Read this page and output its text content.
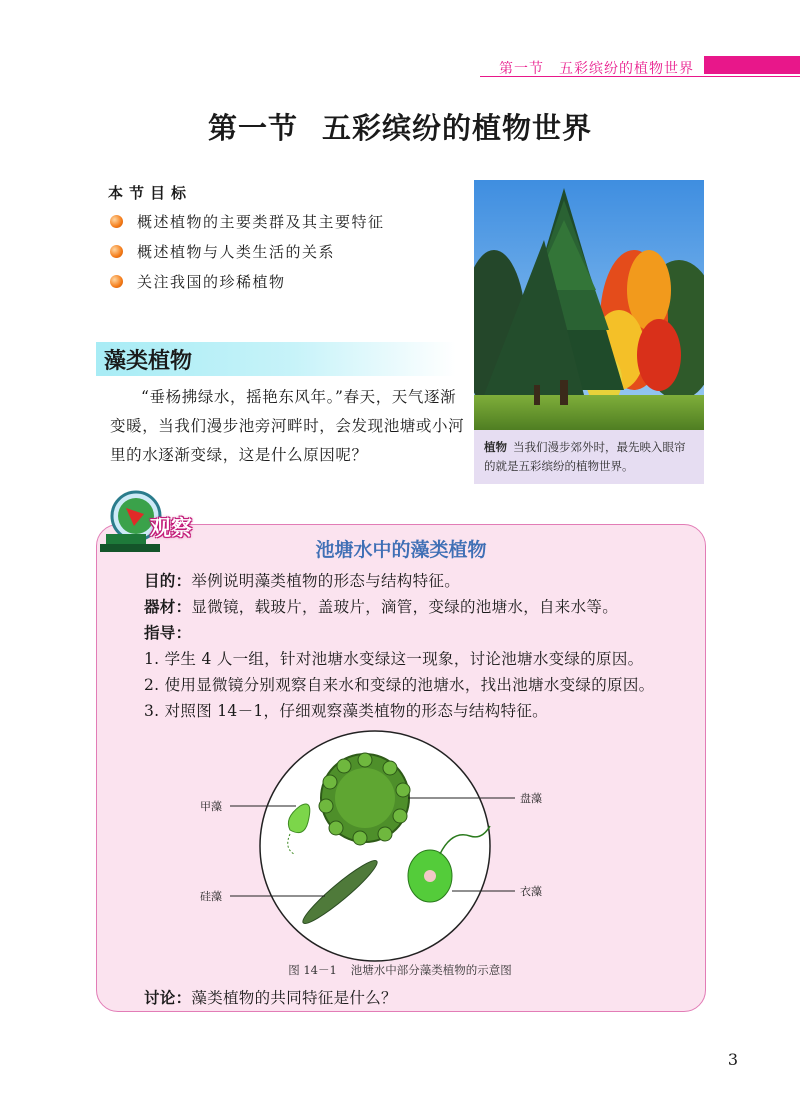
第一节　五彩缤纷的植物世界
第一节 五彩缤纷的植物世界
本节目标
概述植物的主要类群及其主要特征
概述植物与人类生活的关系
关注我国的珍稀植物
藻类植物
“垂杨拂绿水，摇艳东风年。”春天，天气逐渐变暖，当我们漫步池旁河畔时，会发现池塘或小河里的水逐渐变绿，这是什么原因呢？	植物 当我们漫步郊外时，最先映入眼帘的就是五彩缤纷的植物世界。
观察
池塘水中的藻类植物
目的：举例说明藻类植物的形态与结构特征。
器材：显微镜，载玻片，盖玻片，滴管，变绿的池塘水，自来水等。
指导：
1. 学生 4 人一组，针对池塘水变绿这一现象，讨论池塘水变绿的原因。
2. 使用显微镜分别观察自来水和变绿的池塘水，找出池塘水变绿的原因。
3. 对照图 14－1，仔细观察藻类植物的形态与结构特征。
甲藻
硅藻
盘藻
衣藻
图 14－1 池塘水中部分藻类植物的示意图
讨论：藻类植物的共同特征是什么？
3
